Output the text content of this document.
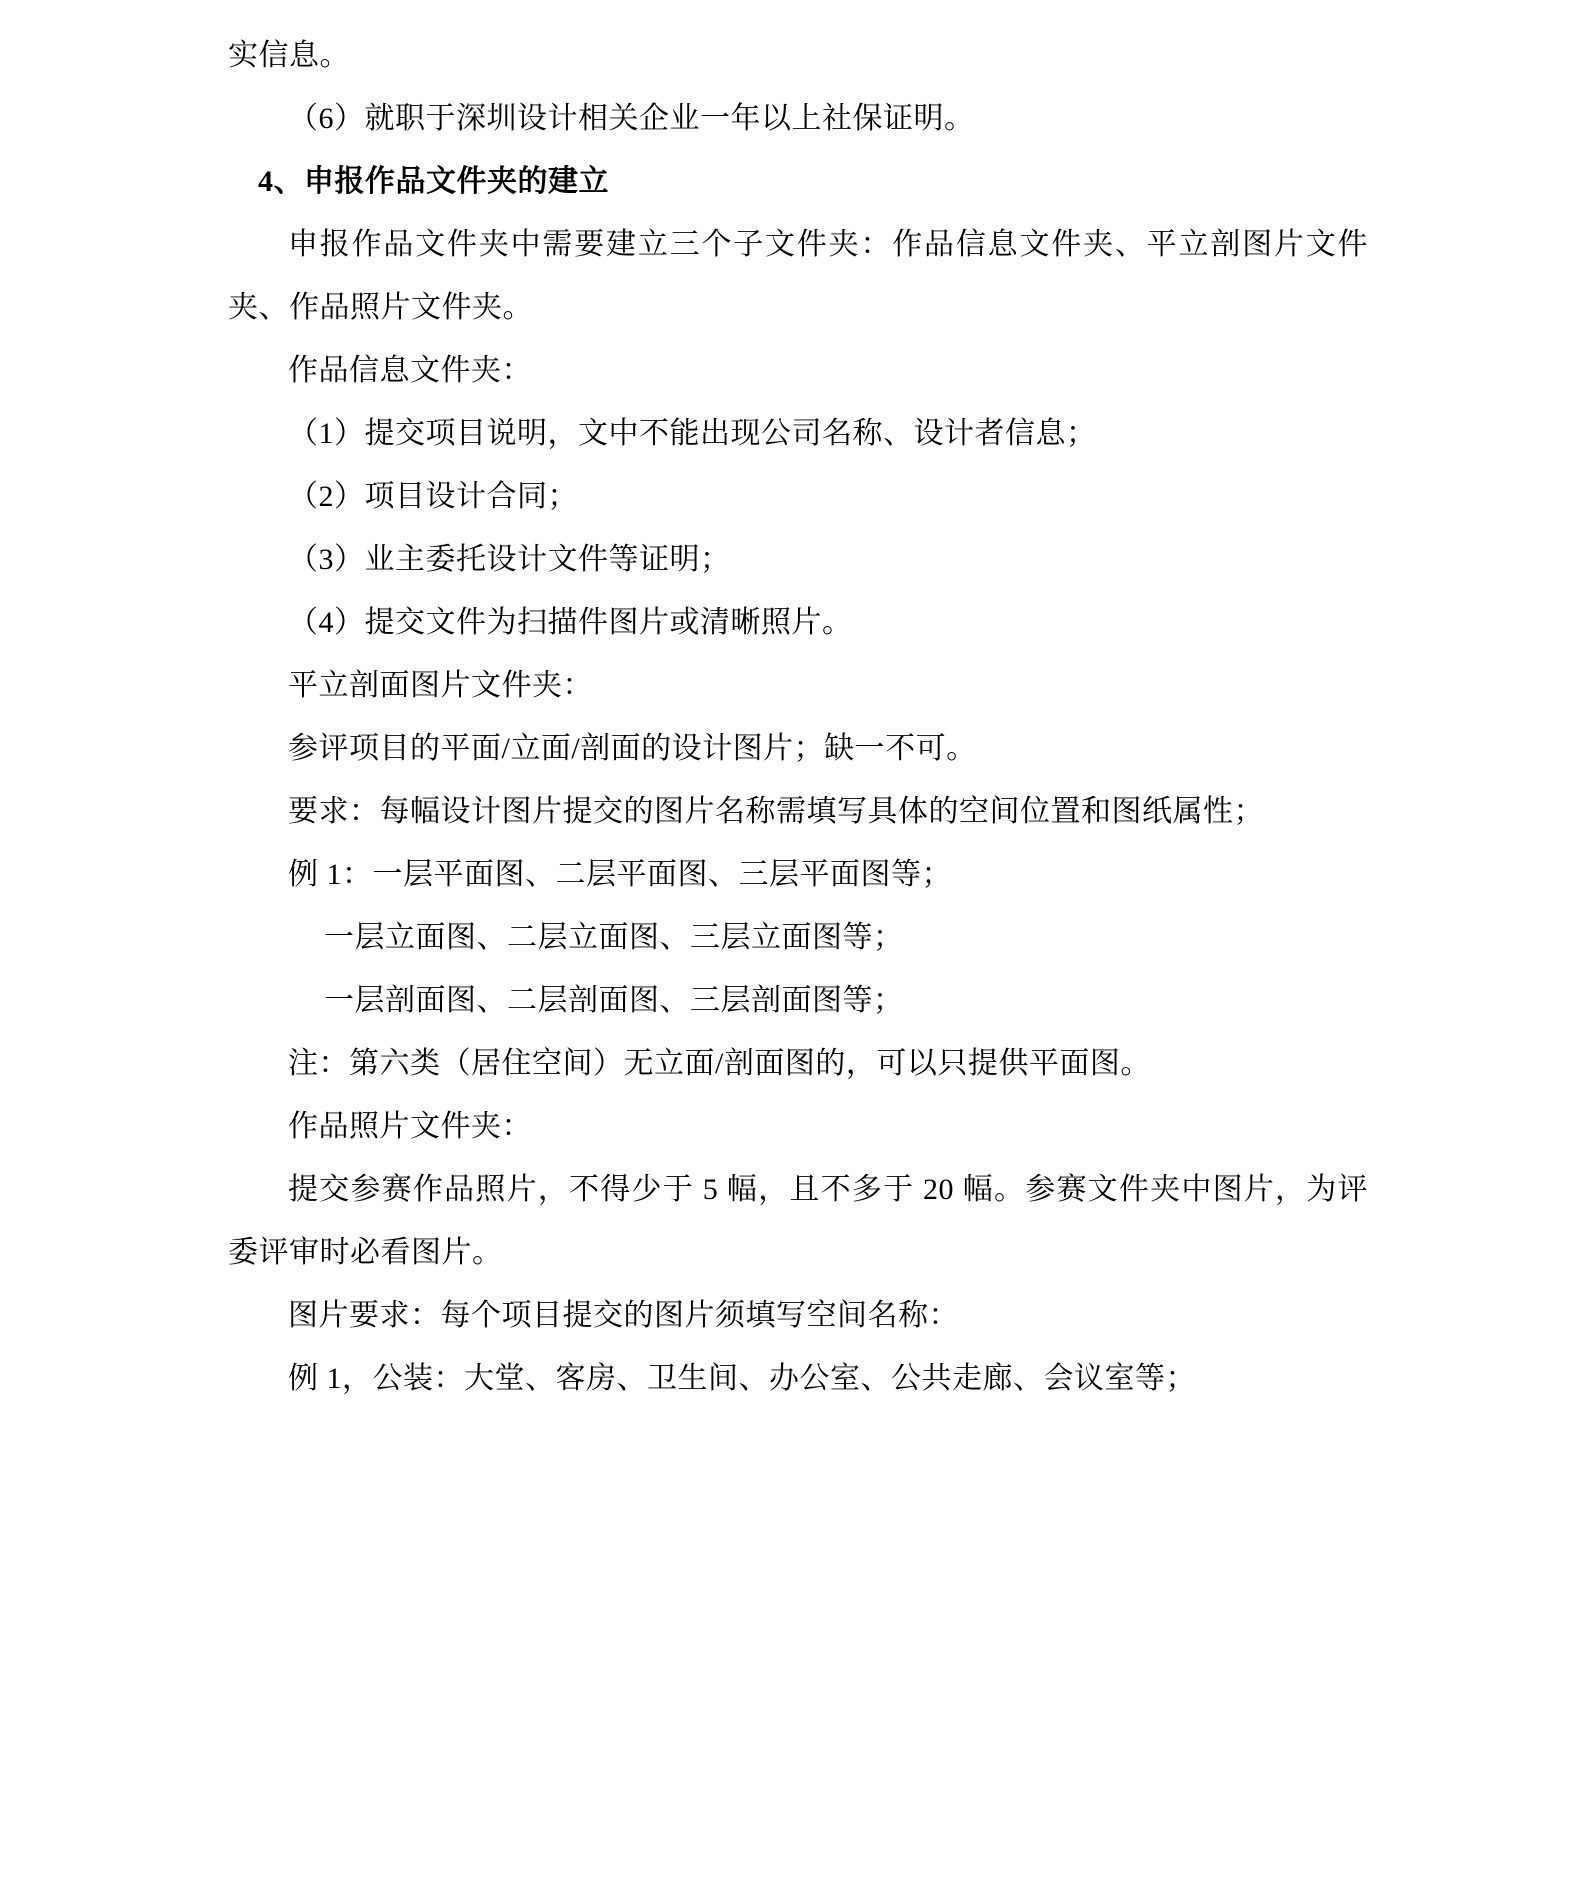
实信息。
（6）就职于深圳设计相关企业一年以上社保证明。
4、申报作品文件夹的建立
申报作品文件夹中需要建立三个子文件夹：作品信息文件夹、平立剖图片文件夹、作品照片文件夹。
作品信息文件夹：
（1）提交项目说明，文中不能出现公司名称、设计者信息；
（2）项目设计合同；
（3）业主委托设计文件等证明；
（4）提交文件为扫描件图片或清晰照片。
平立剖面图片文件夹：
参评项目的平面/立面/剖面的设计图片；缺一不可。
要求：每幅设计图片提交的图片名称需填写具体的空间位置和图纸属性；
例 1：一层平面图、二层平面图、三层平面图等；
一层立面图、二层立面图、三层立面图等；
一层剖面图、二层剖面图、三层剖面图等；
注：第六类（居住空间）无立面/剖面图的，可以只提供平面图。
作品照片文件夹：
提交参赛作品照片，不得少于 5 幅，且不多于 20 幅。参赛文件夹中图片，为评委评审时必看图片。
图片要求：每个项目提交的图片须填写空间名称：
例 1，公装：大堂、客房、卫生间、办公室、公共走廊、会议室等；
